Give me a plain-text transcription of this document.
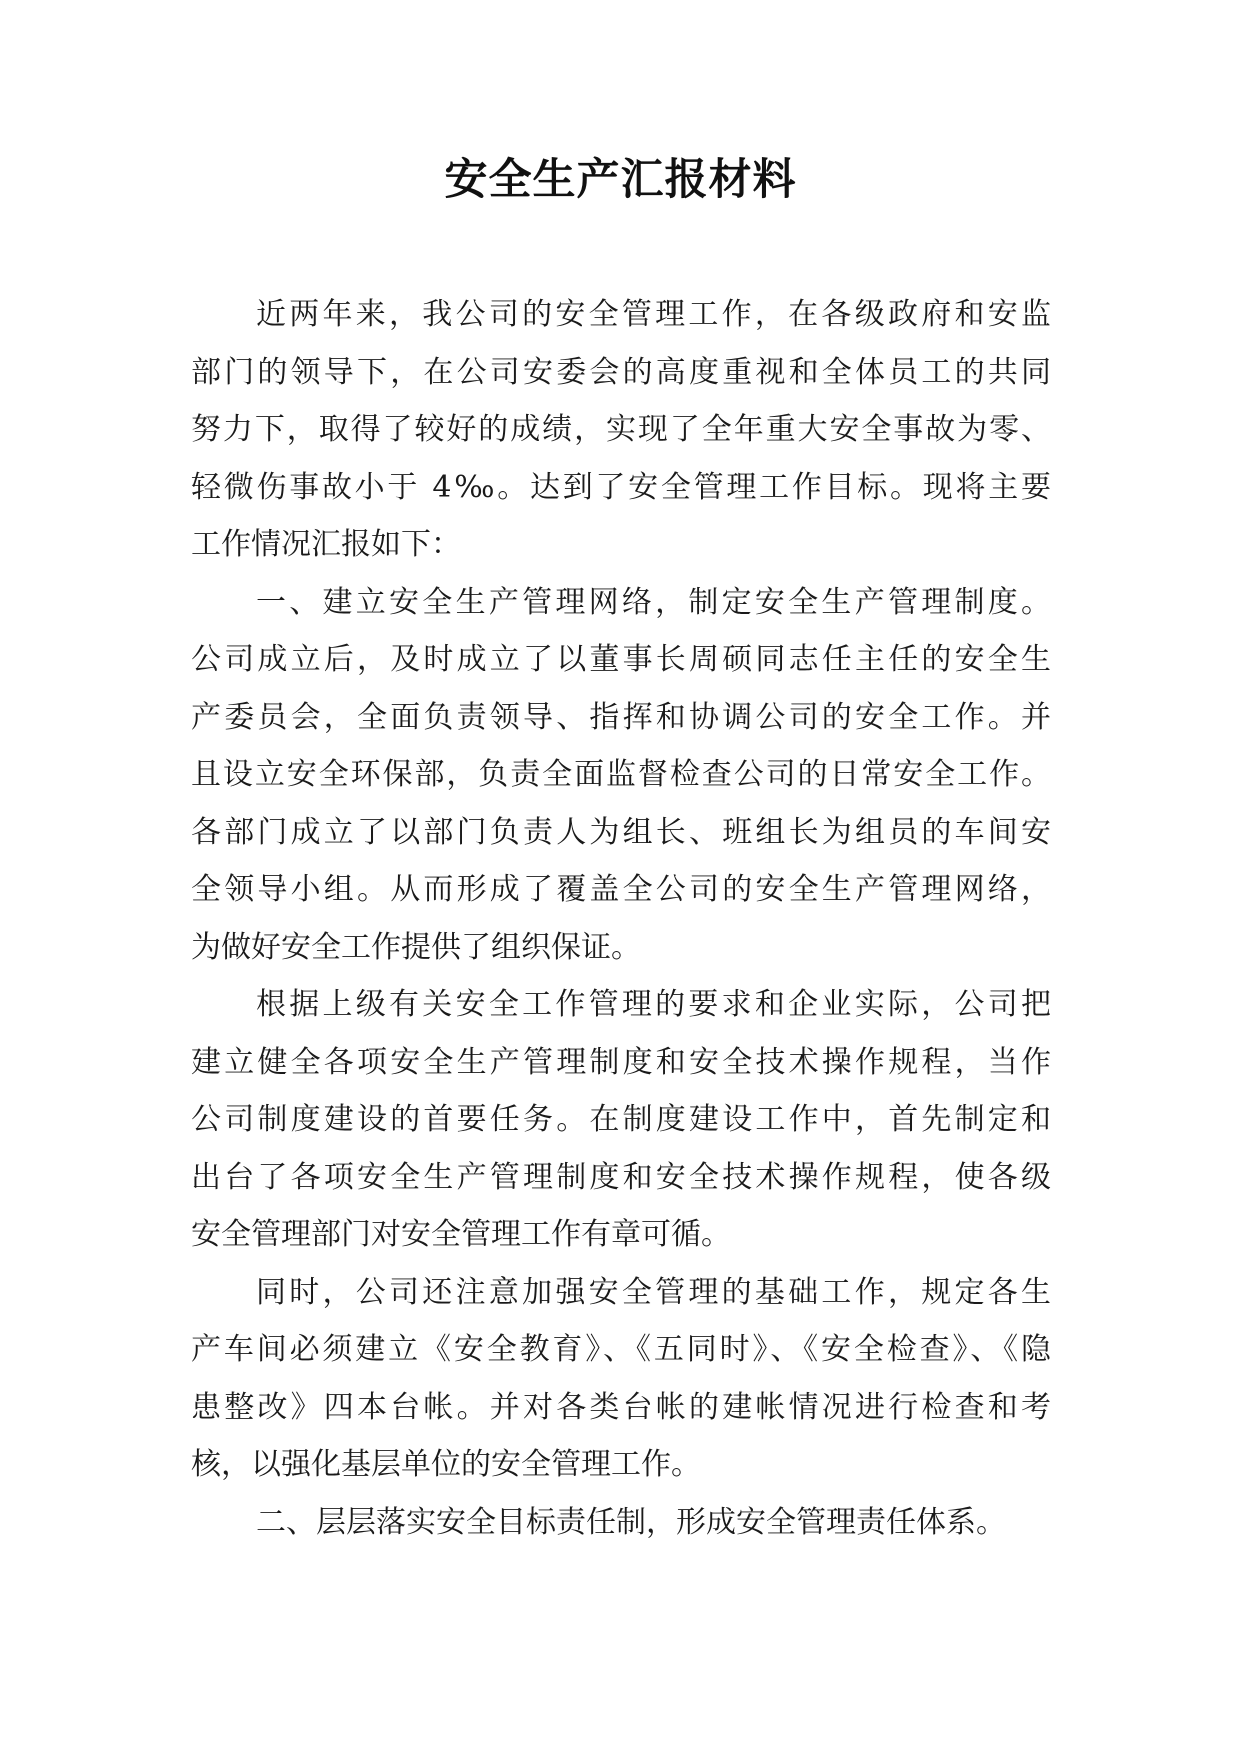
安全生产汇报材料
近两年来，我公司的安全管理工作，在各级政府和安监
部门的领导下，在公司安委会的高度重视和全体员工的共同
努力下，取得了较好的成绩，实现了全年重大安全事故为零、
轻微伤事故小于 4‰。达到了安全管理工作目标。现将主要
工作情况汇报如下：
一、建立安全生产管理网络，制定安全生产管理制度。
公司成立后，及时成立了以董事长周硕同志任主任的安全生
产委员会，全面负责领导、指挥和协调公司的安全工作。并
且设立安全环保部，负责全面监督检查公司的日常安全工作。
各部门成立了以部门负责人为组长、班组长为组员的车间安
全领导小组。从而形成了覆盖全公司的安全生产管理网络，
为做好安全工作提供了组织保证。
根据上级有关安全工作管理的要求和企业实际，公司把
建立健全各项安全生产管理制度和安全技术操作规程，当作
公司制度建设的首要任务。在制度建设工作中，首先制定和
出台了各项安全生产管理制度和安全技术操作规程，使各级
安全管理部门对安全管理工作有章可循。
同时，公司还注意加强安全管理的基础工作，规定各生
产车间必须建立《安全教育》、《五同时》、《安全检查》、《隐
患整改》四本台帐。并对各类台帐的建帐情况进行检查和考
核，以强化基层单位的安全管理工作。
二、层层落实安全目标责任制，形成安全管理责任体系。
